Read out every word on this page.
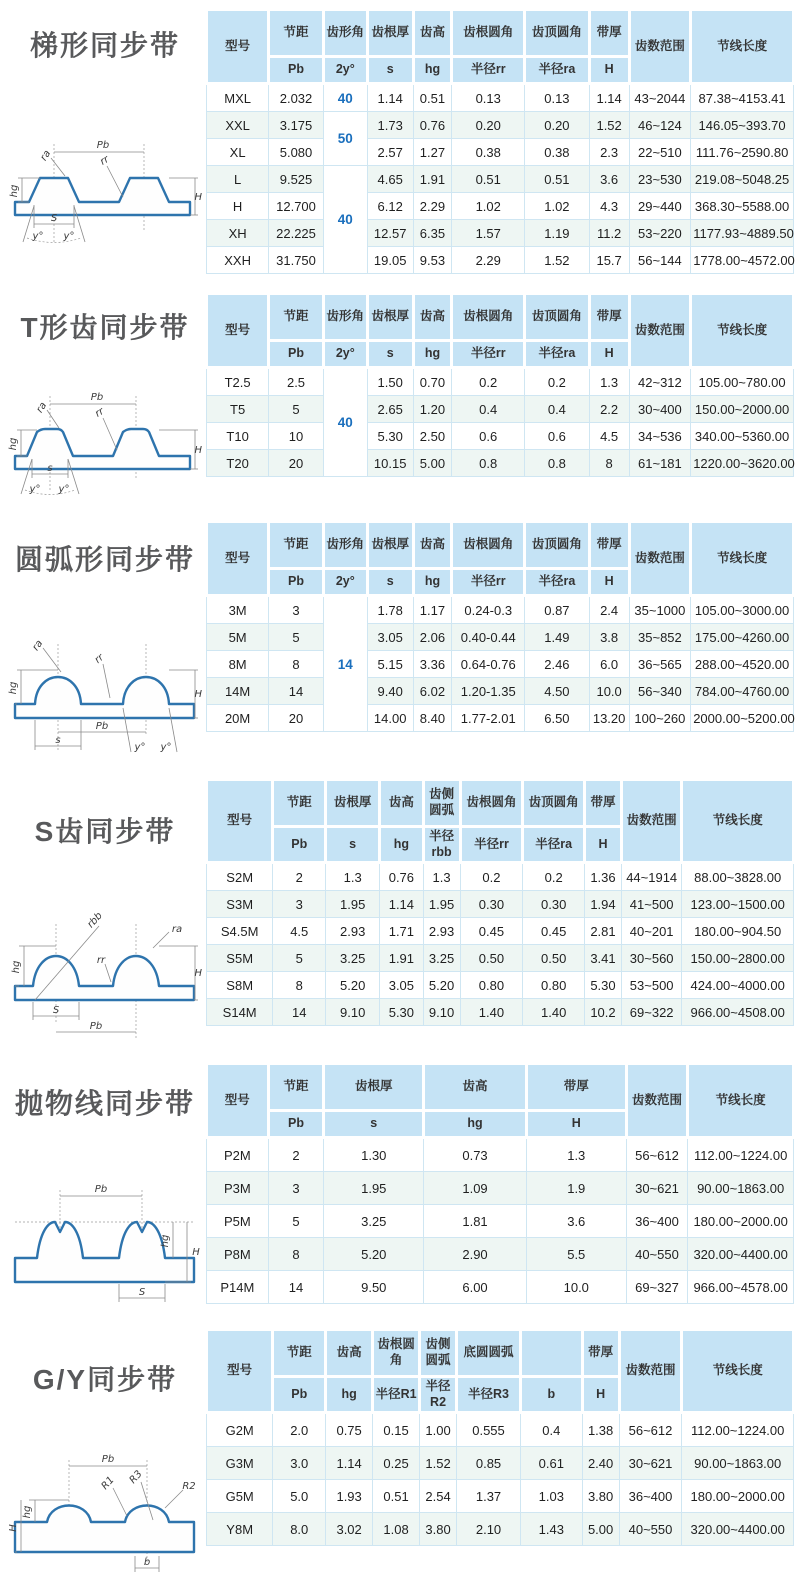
梯形同步带
Pb
ra	rr
hg
H
S
y° y°
型号	节距	齿形角	齿根厚	齿高	齿根圆角	齿顶圆角	带厚	齿数范围	节线长度
	Pb	2y°	s	hg	半径rr	半径ra	H		
MXL	2.032	40	1.14	0.51	0.13	0.13	1.14	43~2044	87.38~4153.41
XXL	3.175	50	1.73	0.76	0.20	0.20	1.52	46~124	146.05~393.70
XL	5.080		2.57	1.27	0.38	0.38	2.3	22~510	111.76~2590.80
L	9.525	40	4.65	1.91	0.51	0.51	3.6	23~530	219.08~5048.25
H	12.700		6.12	2.29	1.02	1.02	4.3	29~440	368.30~5588.00
XH	22.225		12.57	6.35	1.57	1.19	11.2	53~220	1177.93~4889.50
XXH	31.750		19.05	9.53	2.29	1.52	15.7	56~144	1778.00~4572.00
T形齿同步带
Pb
ra	rr
hg
H
s
y° y°
型号	节距	齿形角	齿根厚	齿高	齿根圆角	齿顶圆角	带厚	齿数范围	节线长度
	Pb	2y°	s	hg	半径rr	半径ra	H		
T2.5	2.5	40	1.50	0.70	0.2	0.2	1.3	42~312	105.00~780.00
T5	5		2.65	1.20	0.4	0.4	2.2	30~400	150.00~2000.00
T10	10		5.30	2.50	0.6	0.6	4.5	34~536	340.00~5360.00
T20	20		10.15	5.00	0.8	0.8	8	61~181	1220.00~3620.00
圆弧形同步带
ra
rr
hg
H
Pb
s
y° y°
型号	节距	齿形角	齿根厚	齿高	齿根圆角	齿顶圆角	带厚	齿数范围	节线长度
	Pb	2y°	s	hg	半径rr	半径ra	H		
3M	3	14	1.78	1.17	0.24-0.3	0.87	2.4	35~1000	105.00~3000.00
5M	5		3.05	2.06	0.40-0.44	1.49	3.8	35~852	175.00~4260.00
8M	8		5.15	3.36	0.64-0.76	2.46	6.0	36~565	288.00~4520.00
14M	14		9.40	6.02	1.20-1.35	4.50	10.0	56~340	784.00~4760.00
20M	20		14.00	8.40	1.77-2.01	6.50	13.20	100~260	2000.00~5200.00
S齿同步带
rbb	ra
rr
hg
H
S
Pb
型号	节距	齿根厚	齿高	齿侧圆弧	齿根圆角	齿顶圆角	带厚	齿数范围	节线长度
	Pb	s	hg	半径rbb	半径rr	半径ra	H		
S2M	2	1.3	0.76	1.3	0.2	0.2	1.36	44~1914	88.00~3828.00
S3M	3	1.95	1.14	1.95	0.30	0.30	1.94	41~500	123.00~1500.00
S4.5M	4.5	2.93	1.71	2.93	0.45	0.45	2.81	40~201	180.00~904.50
S5M	5	3.25	1.91	3.25	0.50	0.50	3.41	30~560	150.00~2800.00
S8M	8	5.20	3.05	5.20	0.80	0.80	5.30	53~500	424.00~4000.00
S14M	14	9.10	5.30	9.10	1.40	1.40	10.2	69~322	966.00~4508.00
抛物线同步带
Pb
hg
H
S
型号	节距	齿根厚	齿高	带厚	齿数范围	节线长度
	Pb	s	hg	H		
P2M	2	1.30	0.73	1.3	56~612	112.00~1224.00
P3M	3	1.95	1.09	1.9	30~621	90.00~1863.00
P5M	5	3.25	1.81	3.6	36~400	180.00~2000.00
P8M	8	5.20	2.90	5.5	40~550	320.00~4400.00
P14M	14	9.50	6.00	10.0	69~327	966.00~4578.00
G/Y同步带
Pb
R1 R3
R2
hg
H
b
型号	节距	齿高	齿根圆角	齿侧圆弧	底圆圆弧		带厚	齿数范围	节线长度
	Pb	hg	半径R1	半径R2	半径R3	b	H		
G2M	2.0	0.75	0.15	1.00	0.555	0.4	1.38	56~612	112.00~1224.00
G3M	3.0	1.14	0.25	1.52	0.85	0.61	2.40	30~621	90.00~1863.00
G5M	5.0	1.93	0.51	2.54	1.37	1.03	3.80	36~400	180.00~2000.00
Y8M	8.0	3.02	1.08	3.80	2.10	1.43	5.00	40~550	320.00~4400.00
